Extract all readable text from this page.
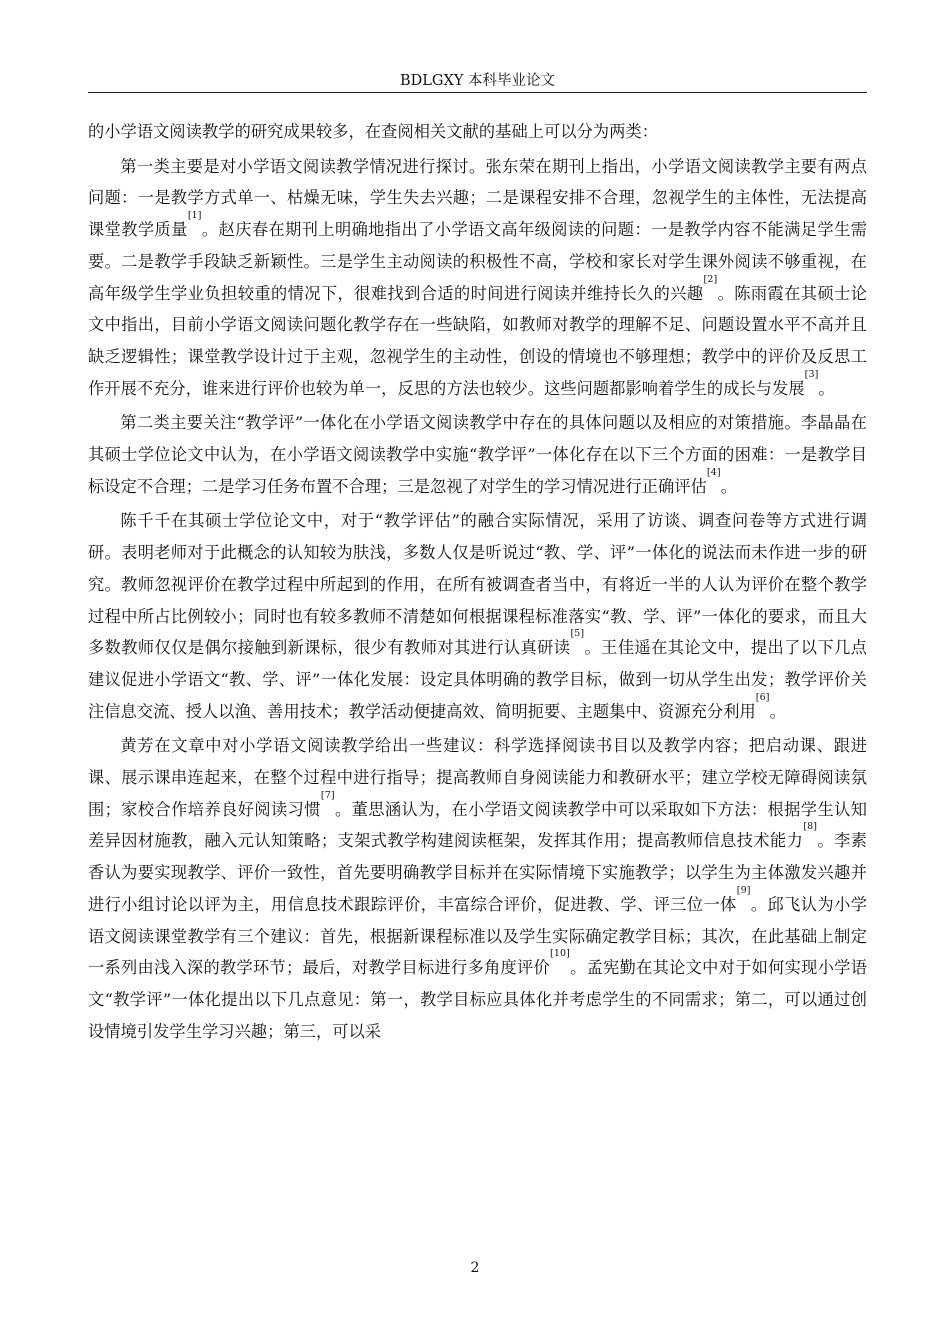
BDLGXY 本科毕业论文

的小学语文阅读教学的研究成果较多，在查阅相关文献的基础上可以分为两类：

第一类主要是对小学语文阅读教学情况进行探讨。张东荣在期刊上指出，小学语文阅读教学主要有两点问题：一是教学方式单一、枯燥无味，学生失去兴趣；二是课程安排不合理，忽视学生的主体性，无法提高课堂教学质量[1]。赵庆春在期刊上明确地指出了小学语文高年级阅读的问题：一是教学内容不能满足学生需要。二是教学手段缺乏新颖性。三是学生主动阅读的积极性不高，学校和家长对学生课外阅读不够重视，在高年级学生学业负担较重的情况下，很难找到合适的时间进行阅读并维持长久的兴趣[2]。陈雨霞在其硕士论文中指出，目前小学语文阅读问题化教学存在一些缺陷，如教师对教学的理解不足、问题设置水平不高并且缺乏逻辑性；课堂教学设计过于主观，忽视学生的主动性，创设的情境也不够理想；教学中的评价及反思工作开展不充分，谁来进行评价也较为单一，反思的方法也较少。这些问题都影响着学生的成长与发展[3]。

第二类主要关注“教学评”一体化在小学语文阅读教学中存在的具体问题以及相应的对策措施。李晶晶在其硕士学位论文中认为，在小学语文阅读教学中实施“教学评”一体化存在以下三个方面的困难：一是教学目标设定不合理；二是学习任务布置不合理；三是忽视了对学生的学习情况进行正确评估[4]。

陈千千在其硕士学位论文中，对于“教学评估”的融合实际情况，采用了访谈、调查问卷等方式进行调研。表明老师对于此概念的认知较为肤浅，多数人仅是听说过“教、学、评”一体化的说法而未作进一步的研究。教师忽视评价在教学过程中所起到的作用，在所有被调查者当中，有将近一半的人认为评价在整个教学过程中所占比例较小；同时也有较多教师不清楚如何根据课程标准落实“教、学、评”一体化的要求，而且大多数教师仅仅是偶尔接触到新课标，很少有教师对其进行认真研读[5]。王佳遥在其论文中，提出了以下几点建议促进小学语文“教、学、评”一体化发展：设定具体明确的教学目标，做到一切从学生出发；教学评价关注信息交流、授人以渔、善用技术；教学活动便捷高效、简明扼要、主题集中、资源充分利用[6]。

黄芳在文章中对小学语文阅读教学给出一些建议：科学选择阅读书目以及教学内容；把启动课、跟进课、展示课串连起来，在整个过程中进行指导；提高教师自身阅读能力和教研水平；建立学校无障碍阅读氛围；家校合作培养良好阅读习惯[7]。董思涵认为，在小学语文阅读教学中可以采取如下方法：根据学生认知差异因材施教，融入元认知策略；支架式教学构建阅读框架，发挥其作用；提高教师信息技术能力[8]。李素香认为要实现教学、评价一致性，首先要明确教学目标并在实际情境下实施教学；以学生为主体激发兴趣并进行小组讨论以评为主，用信息技术跟踪评价，丰富综合评价，促进教、学、评三位一体[9]。邱飞认为小学语文阅读课堂教学有三个建议：首先，根据新课程标准以及学生实际确定教学目标；其次，在此基础上制定一系列由浅入深的教学环节；最后，对教学目标进行多角度评价[10]。孟宪勤在其论文中对于如何实现小学语文“教学评”一体化提出以下几点意见：第一，教学目标应具体化并考虑学生的不同需求；第二，可以通过创设情境引发学生学习兴趣；第三，可以采

2
